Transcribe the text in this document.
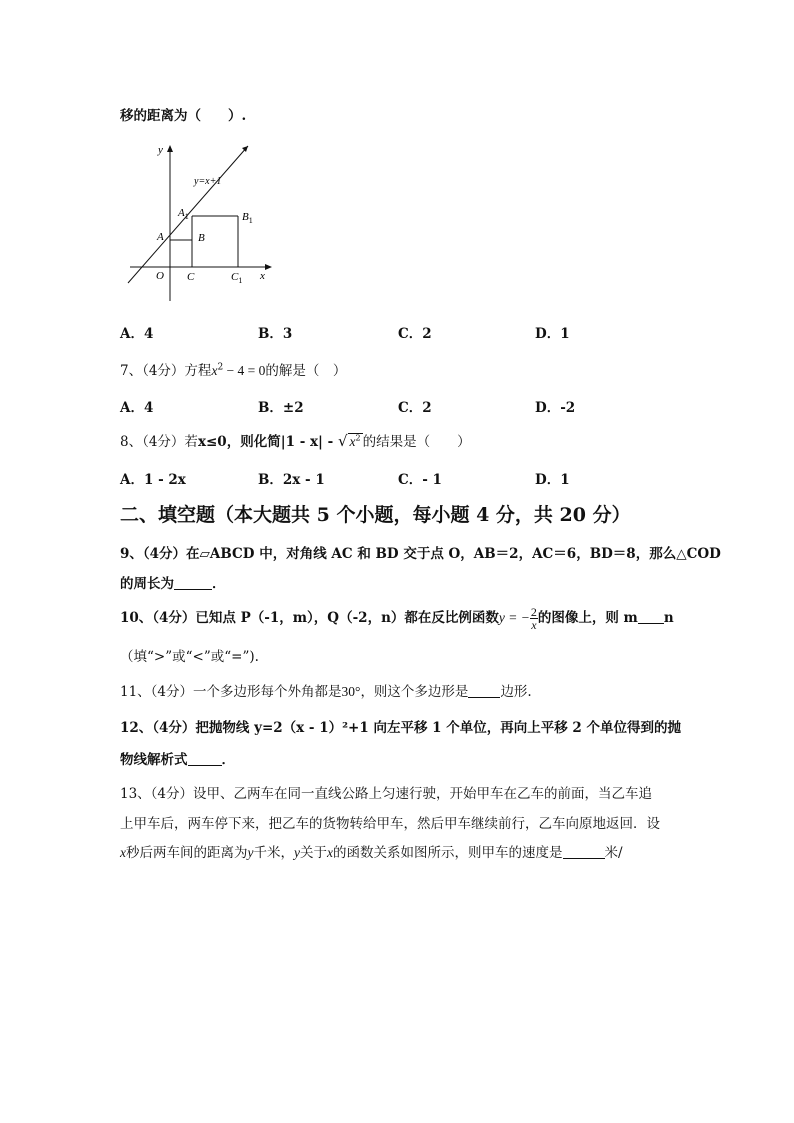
移的距离为（　　）.
y
x
O
y=x+1
A
$A_1$
B
$B_1$
C	$C_1$
A．4	B．3	C．2	D．1
7、（4分）方程$x^2 - 4 = 0$的解是（　）
A．4	B．±2	C．2	D．-2
8、（4分）若x≤0，则化简|1 - x| - √ $x^2$ 的结果是（　　）
A．1 - 2x	B．2x - 1	C．- 1	D．1
二、填空题（本大题共 5 个小题，每小题 4 分，共 20 分）
9、（4分）在▱ABCD 中，对角线 AC 和 BD 交于点 O，AB＝2，AC＝6，BD＝8，那么△COD
的周长为	．
10、（4分）已知点 P（-1，m），Q（-2，n）都在反比例函数y = − $\frac{2}{x}$ 的图像上，则 m n
（填“>”或“<”或“=”).
11、（4分）一个多边形每个外角都是30°，则这个多边形是 边形.
12、（4分）把抛物线 y=2（x - 1）²+1 向左平移 1 个单位，再向上平移 2 个单位得到的抛
物线解析式	．
13、（4分）设甲、乙两车在同一直线公路上匀速行驶，开始甲车在乙车的前面，当乙车追
上甲车后，两车停下来，把乙车的货物转给甲车，然后甲车继续前行，乙车向原地返回．设
x秒后两车间的距离为y千米，y关于x的函数关系如图所示，则甲车的速度是	米/
